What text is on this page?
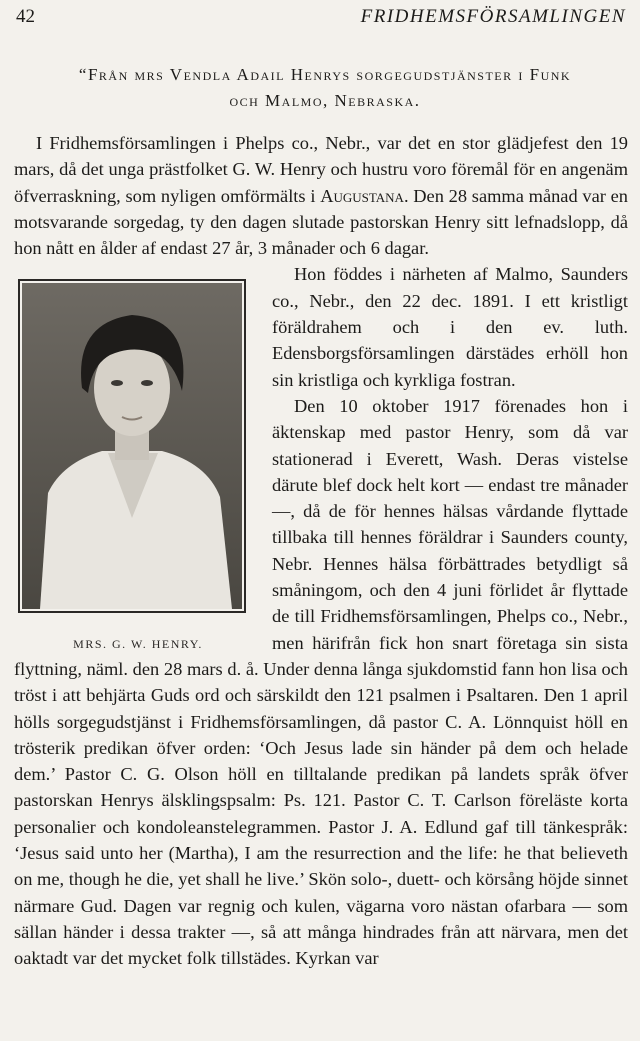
42	FRIDHEMSFÖRSAMLINGEN
“Från mrs Vendla Adail Henrys sorgegudstjänster i Funk
och Malmo, Nebraska.

I Fridhemsförsamlingen i Phelps co., Nebr., var det en stor glädjefest den 19 mars, då det unga prästfolket G. W. Henry och hustru voro föremål för en angenäm öfverraskning, som nyligen omförmälts i Augustana. Den 28 samma månad var en motsvarande sorgedag, ty den dagen slutade pastorskan Henry sitt lefnadslopp, då hon nått en ålder af endast 27 år, 3 månader och 6 dagar.

MRS. G. W. HENRY.

Hon föddes i närheten af Malmo, Saunders co., Nebr., den 22 dec. 1891. I ett kristligt föräldrahem och i den ev. luth. Edensborgsförsamlingen därstädes erhöll hon sin kristliga och kyrkliga fostran.

Den 10 oktober 1917 förenades hon i äktenskap med pastor Henry, som då var stationerad i Everett, Wash. Deras vistelse därute blef dock helt kort — endast tre månader —, då de för hennes hälsas vårdande flyttade tillbaka till hennes föräldrar i Saunders county, Nebr. Hennes hälsa förbättrades betydligt så småningom, och den 4 juni förlidet år flyttade de till Fridhemsförsamlingen, Phelps co., Nebr., men härifrån fick hon snart företaga sin sista flyttning, näml. den 28 mars d. å. Under denna långa sjukdomstid fann hon lisa och tröst i att behjärta Guds ord och särskildt den 121 psalmen i Psaltaren. Den 1 april hölls sorgegudstjänst i Fridhemsförsamlingen, då pastor C. A. Lönnquist höll en trösterik predikan öfver orden: ‘Och Jesus lade sin händer på dem och helade dem.’ Pastor C. G. Olson höll en tilltalande predikan på landets språk öfver pastorskan Henrys älsklingspsalm: Ps. 121. Pastor C. T. Carlson föreläste korta personalier och kondoleanstelegrammen. Pastor J. A. Edlund gaf till tänkespråk: ‘Jesus said unto her (Martha), I am the resurrection and the life: he that believeth on me, though he die, yet shall he live.’ Skön solo-, duett- och körsång höjde sinnet närmare Gud. Dagen var regnig och kulen, vägarna voro nästan ofarbara — som sällan händer i dessa trakter —, så att många hindrades från att närvara, men det oaktadt var det mycket folk tillstädes. Kyrkan var
